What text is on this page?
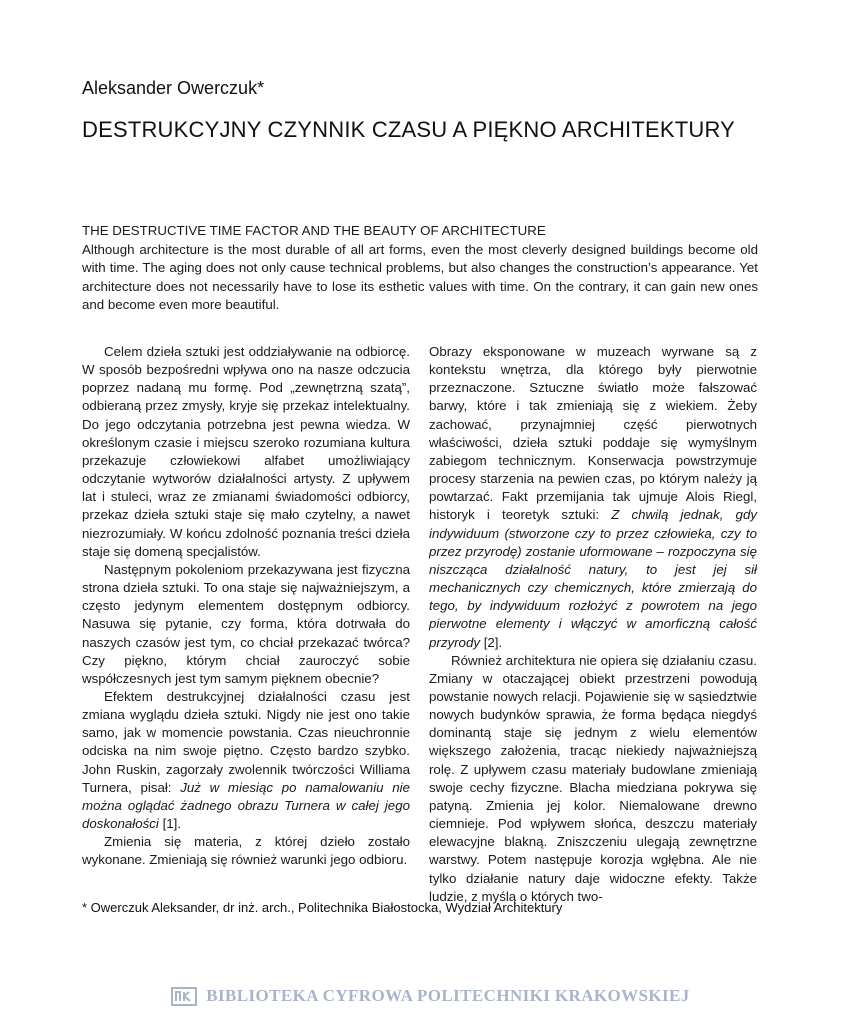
Aleksander Owerczuk*
DESTRUKCYJNY CZYNNIK CZASU A PIĘKNO ARCHITEKTURY
THE DESTRUCTIVE TIME FACTOR AND THE BEAUTY OF ARCHITECTURE
Although architecture is the most durable of all art forms, even the most cleverly designed buildings become old with time. The aging does not only cause technical problems, but also changes the construction’s appearance. Yet architecture does not necessarily have to lose its esthetic values with time. On the contrary, it can gain new ones and become even more beautiful.

Celem dzieła sztuki jest oddziaływanie na odbiorcę. W sposób bezpośredni wpływa ono na nasze odczucia poprzez nadaną mu formę. Pod „zewnętrzną szatą”, odbieraną przez zmysły, kryje się przekaz intelektualny. Do jego odczytania potrzebna jest pewna wiedza. W określonym czasie i miejscu szeroko rozumiana kultura przekazuje człowiekowi alfabet umożliwiający odczytanie wytworów działalności artysty. Z upływem lat i stuleci, wraz ze zmianami świadomości odbiorcy, przekaz dzieła sztuki staje się mało czytelny, a nawet niezrozumiały. W końcu zdolność poznania treści dzieła staje się domeną specjalistów.

Następnym pokoleniom przekazywana jest fizyczna strona dzieła sztuki. To ona staje się najważniejszym, a często jedynym elementem dostępnym odbiorcy. Nasuwa się pytanie, czy forma, która dotrwała do naszych czasów jest tym, co chciał przekazać twórca? Czy piękno, którym chciał zauroczyć sobie współczesnych jest tym samym pięknem obecnie?

Efektem destrukcyjnej działalności czasu jest zmiana wyglądu dzieła sztuki. Nigdy nie jest ono takie samo, jak w momencie powstania. Czas nieuchronnie odciska na nim swoje piętno. Często bardzo szybko. John Ruskin, zagorzały zwolennik twórczości Williama Turnera, pisał: Już w miesiąc po namalowaniu nie można oglądać żadnego obrazu Turnera w całej jego doskonałości [1].

Zmienia się materia, z której dzieło zostało wykonane. Zmieniają się również warunki jego odbioru.

Obrazy eksponowane w muzeach wyrwane są z kontekstu wnętrza, dla którego były pierwotnie przeznaczone. Sztuczne światło może fałszować barwy, które i tak zmieniają się z wiekiem. Żeby zachować, przynajmniej część pierwotnych właściwości, dzieła sztuki poddaje się wymyślnym zabiegom technicznym. Konserwacja powstrzymuje procesy starzenia na pewien czas, po którym należy ją powtarzać. Fakt przemijania tak ujmuje Alois Riegl, historyk i teoretyk sztuki: Z chwilą jednak, gdy indywiduum (stworzone czy to przez człowieka, czy to przez przyrodę) zostanie uformowane – rozpoczyna się niszcząca działalność natury, to jest jej sił mechanicznych czy chemicznych, które zmierzają do tego, by indywiduum rozłożyć z powrotem na jego pierwotne elementy i włączyć w amorficzną całość przyrody [2].

Również architektura nie opiera się działaniu czasu. Zmiany w otaczającej obiekt przestrzeni powodują powstanie nowych relacji. Pojawienie się w sąsiedztwie nowych budynków sprawia, że forma będąca niegdyś dominantą staje się jednym z wielu elementów większego założenia, tracąc niekiedy najważniejszą rolę. Z upływem czasu materiały budowlane zmieniają swoje cechy fizyczne. Blacha miedziana pokrywa się patyną. Zmienia jej kolor. Niemalowane drewno ciemnieje. Pod wpływem słońca, deszczu materiały elewacyjne blakną. Zniszczeniu ulegają zewnętrzne warstwy. Potem następuje korozja wgłębna. Ale nie tylko działanie natury daje widoczne efekty. Także ludzie, z myślą o których two-

* Owerczuk Aleksander, dr inż. arch., Politechnika Białostocka, Wydział Architektury
BIBLIOTEKA CYFROWA POLITECHNIKI KRAKOWSKIEJ
